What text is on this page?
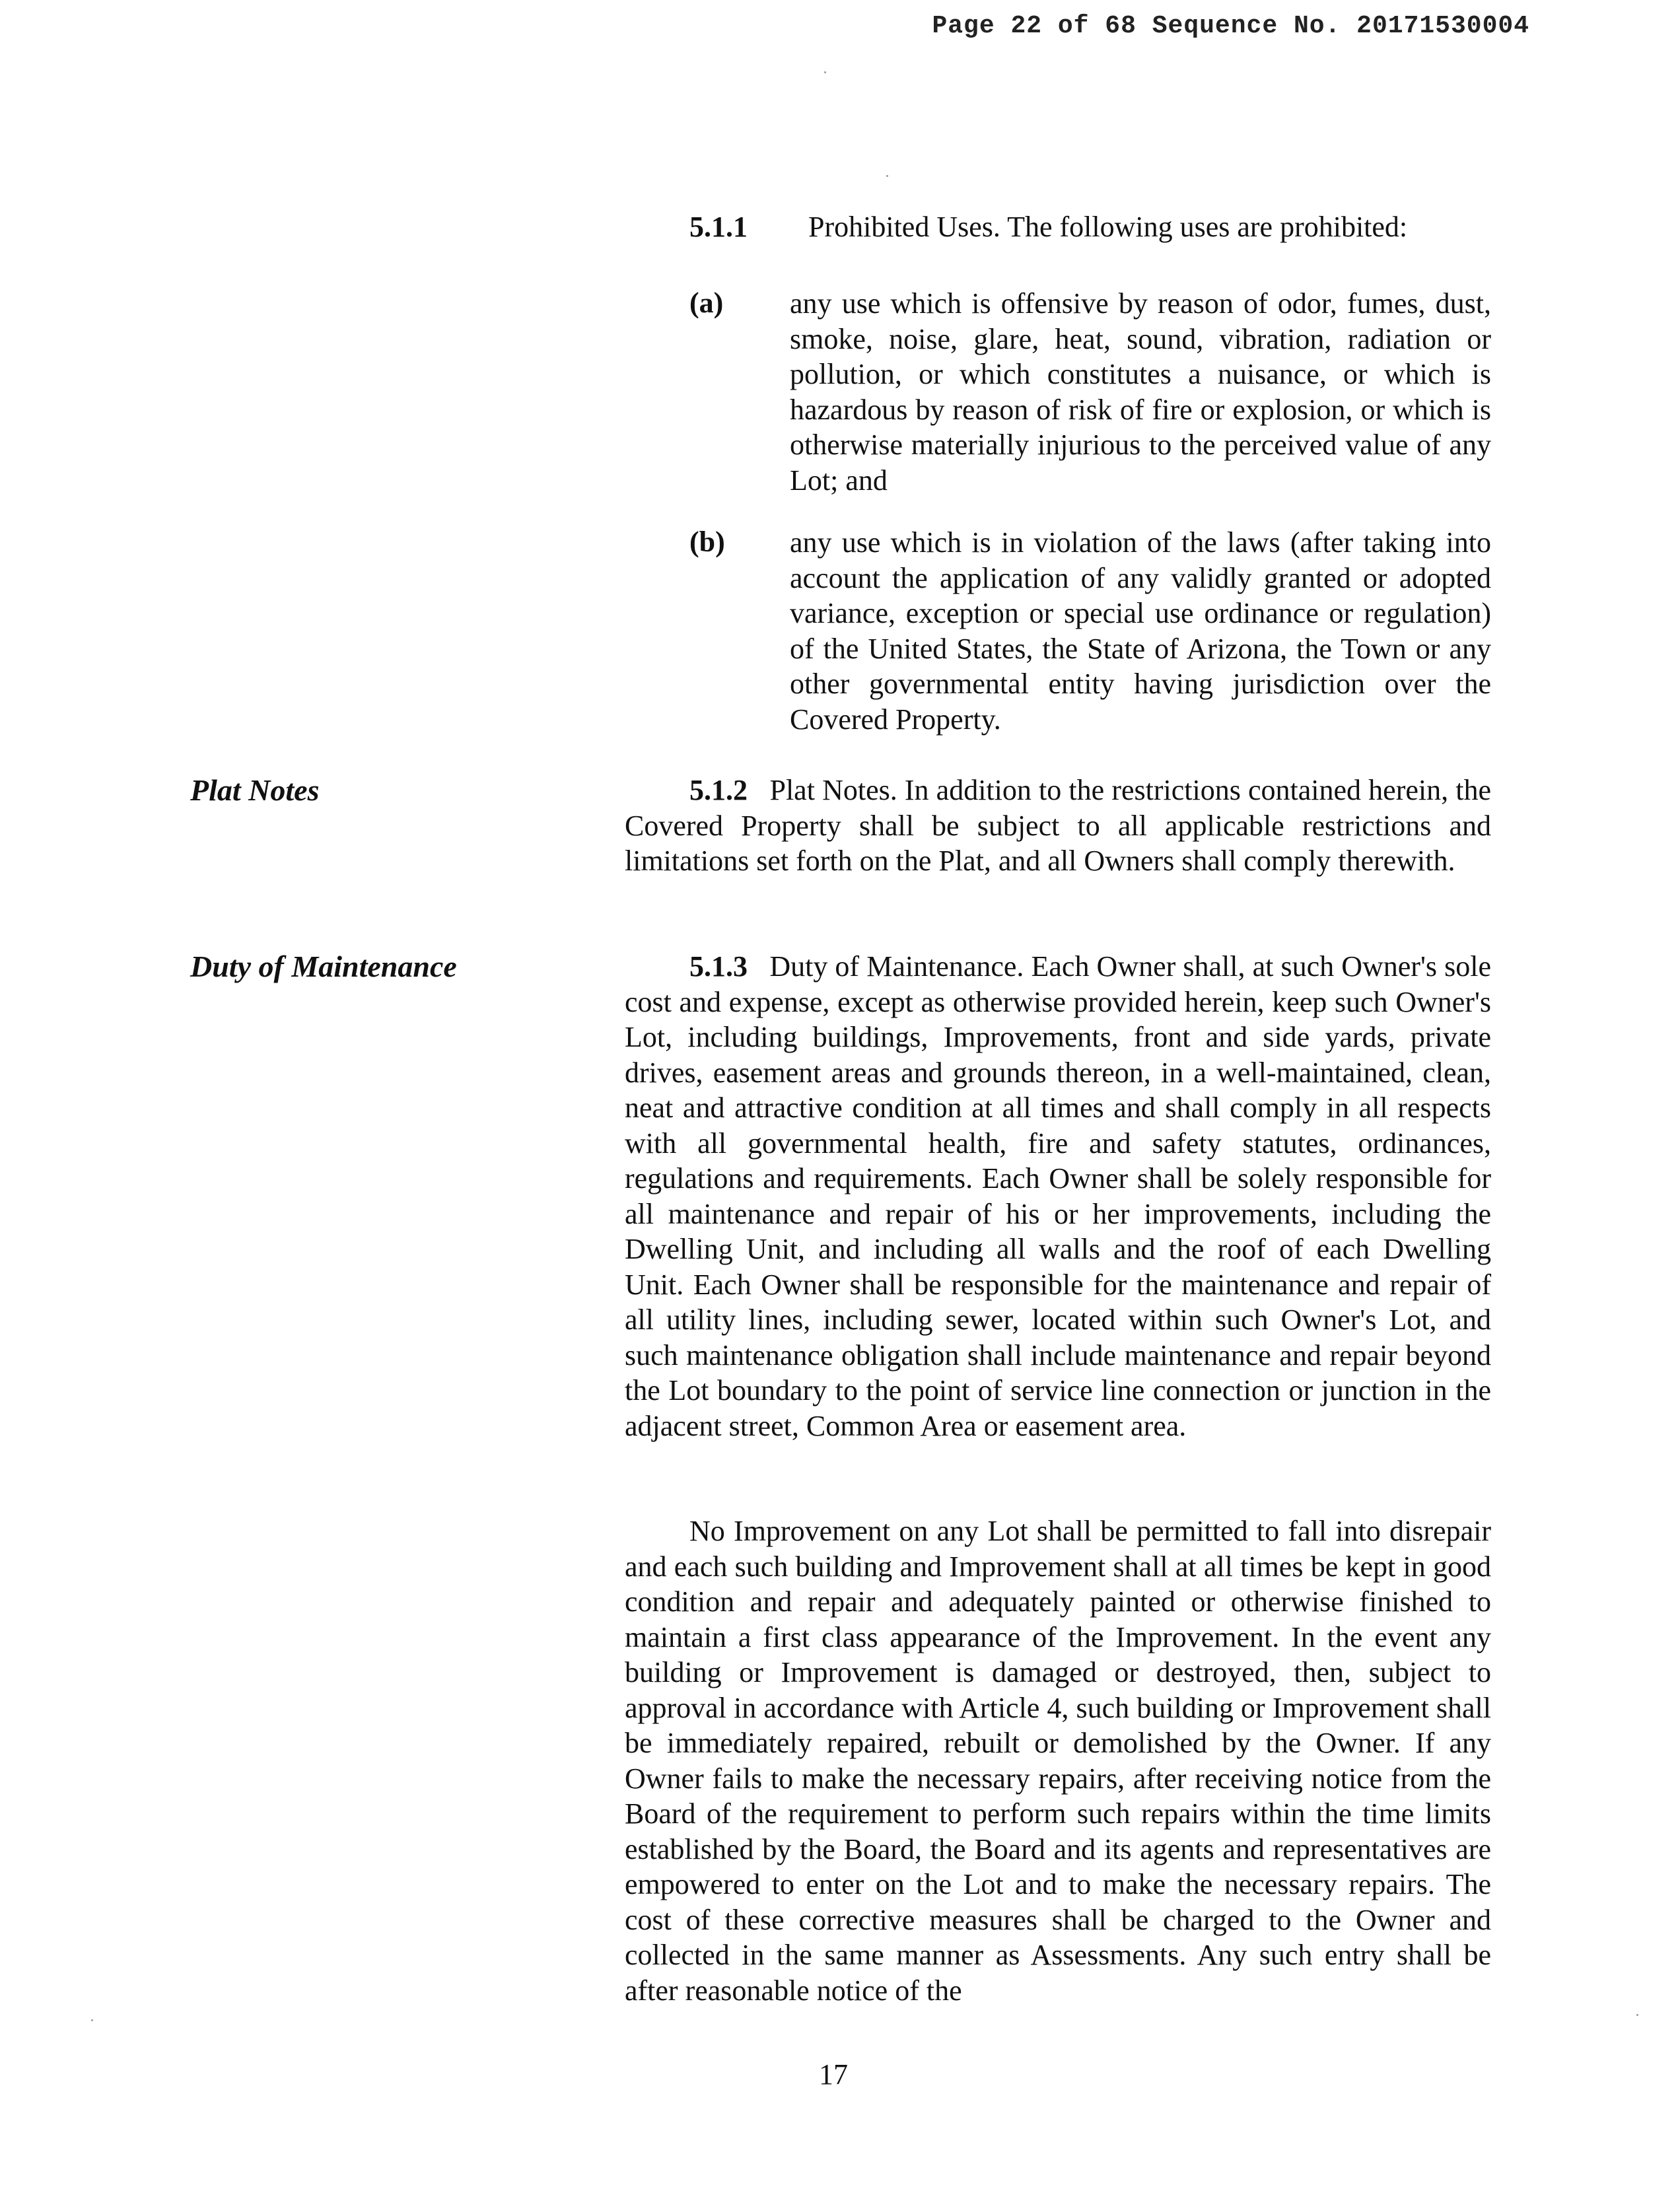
Page 22 of 68 Sequence No. 20171530004
5.1.1 Prohibited Uses. The following uses are prohibited:
(a) any use which is offensive by reason of odor, fumes, dust, smoke, noise, glare, heat, sound, vibration, radiation or pollution, or which constitutes a nuisance, or which is hazardous by reason of risk of fire or explosion, or which is otherwise materially injurious to the perceived value of any Lot; and
(b) any use which is in violation of the laws (after taking into account the application of any validly granted or adopted variance, exception or special use ordinance or regulation) of the United States, the State of Arizona, the Town or any other governmental entity having jurisdiction over the Covered Property.
Plat Notes	5.1.2 Plat Notes. In addition to the restrictions contained herein, the Covered Property shall be subject to all applicable restrictions and limitations set forth on the Plat, and all Owners shall comply therewith.
Duty of Maintenance	5.1.3 Duty of Maintenance. Each Owner shall, at such Owner's sole cost and expense, except as otherwise provided herein, keep such Owner's Lot, including buildings, Improvements, front and side yards, private drives, easement areas and grounds thereon, in a well-maintained, clean, neat and attractive condition at all times and shall comply in all respects with all governmental health, fire and safety statutes, ordinances, regulations and requirements. Each Owner shall be solely responsible for all maintenance and repair of his or her improvements, including the Dwelling Unit, and including all walls and the roof of each Dwelling Unit. Each Owner shall be responsible for the maintenance and repair of all utility lines, including sewer, located within such Owner's Lot, and such maintenance obligation shall include maintenance and repair beyond the Lot boundary to the point of service line connection or junction in the adjacent street, Common Area or easement area.
No Improvement on any Lot shall be permitted to fall into disrepair and each such building and Improvement shall at all times be kept in good condition and repair and adequately painted or otherwise finished to maintain a first class appearance of the Improvement. In the event any building or Improvement is damaged or destroyed, then, subject to approval in accordance with Article 4, such building or Improvement shall be immediately repaired, rebuilt or demolished by the Owner. If any Owner fails to make the necessary repairs, after receiving notice from the Board of the requirement to perform such repairs within the time limits established by the Board, the Board and its agents and representatives are empowered to enter on the Lot and to make the necessary repairs. The cost of these corrective measures shall be charged to the Owner and collected in the same manner as Assessments. Any such entry shall be after reasonable notice of the
17
